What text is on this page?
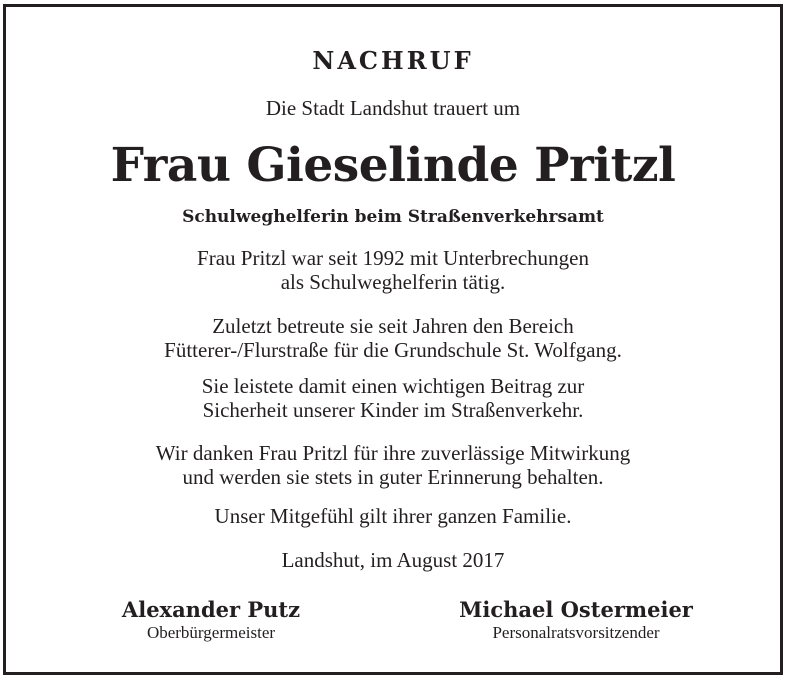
NACHRUF
Die Stadt Landshut trauert um
Frau Gieselinde Pritzl
Schulweghelferin beim Straßenverkehrsamt
Frau Pritzl war seit 1992 mit Unterbrechungen
als Schulweghelferin tätig.
Zuletzt betreute sie seit Jahren den Bereich
Fütterer-/Flurstraße für die Grundschule St. Wolfgang.
Sie leistete damit einen wichtigen Beitrag zur
Sicherheit unserer Kinder im Straßenverkehr.
Wir danken Frau Pritzl für ihre zuverlässige Mitwirkung
und werden sie stets in guter Erinnerung behalten.
Unser Mitgefühl gilt ihrer ganzen Familie.
Landshut, im August 2017
Alexander Putz
Oberbürgermeister
Michael Ostermeier
Personalratsvorsitzender
